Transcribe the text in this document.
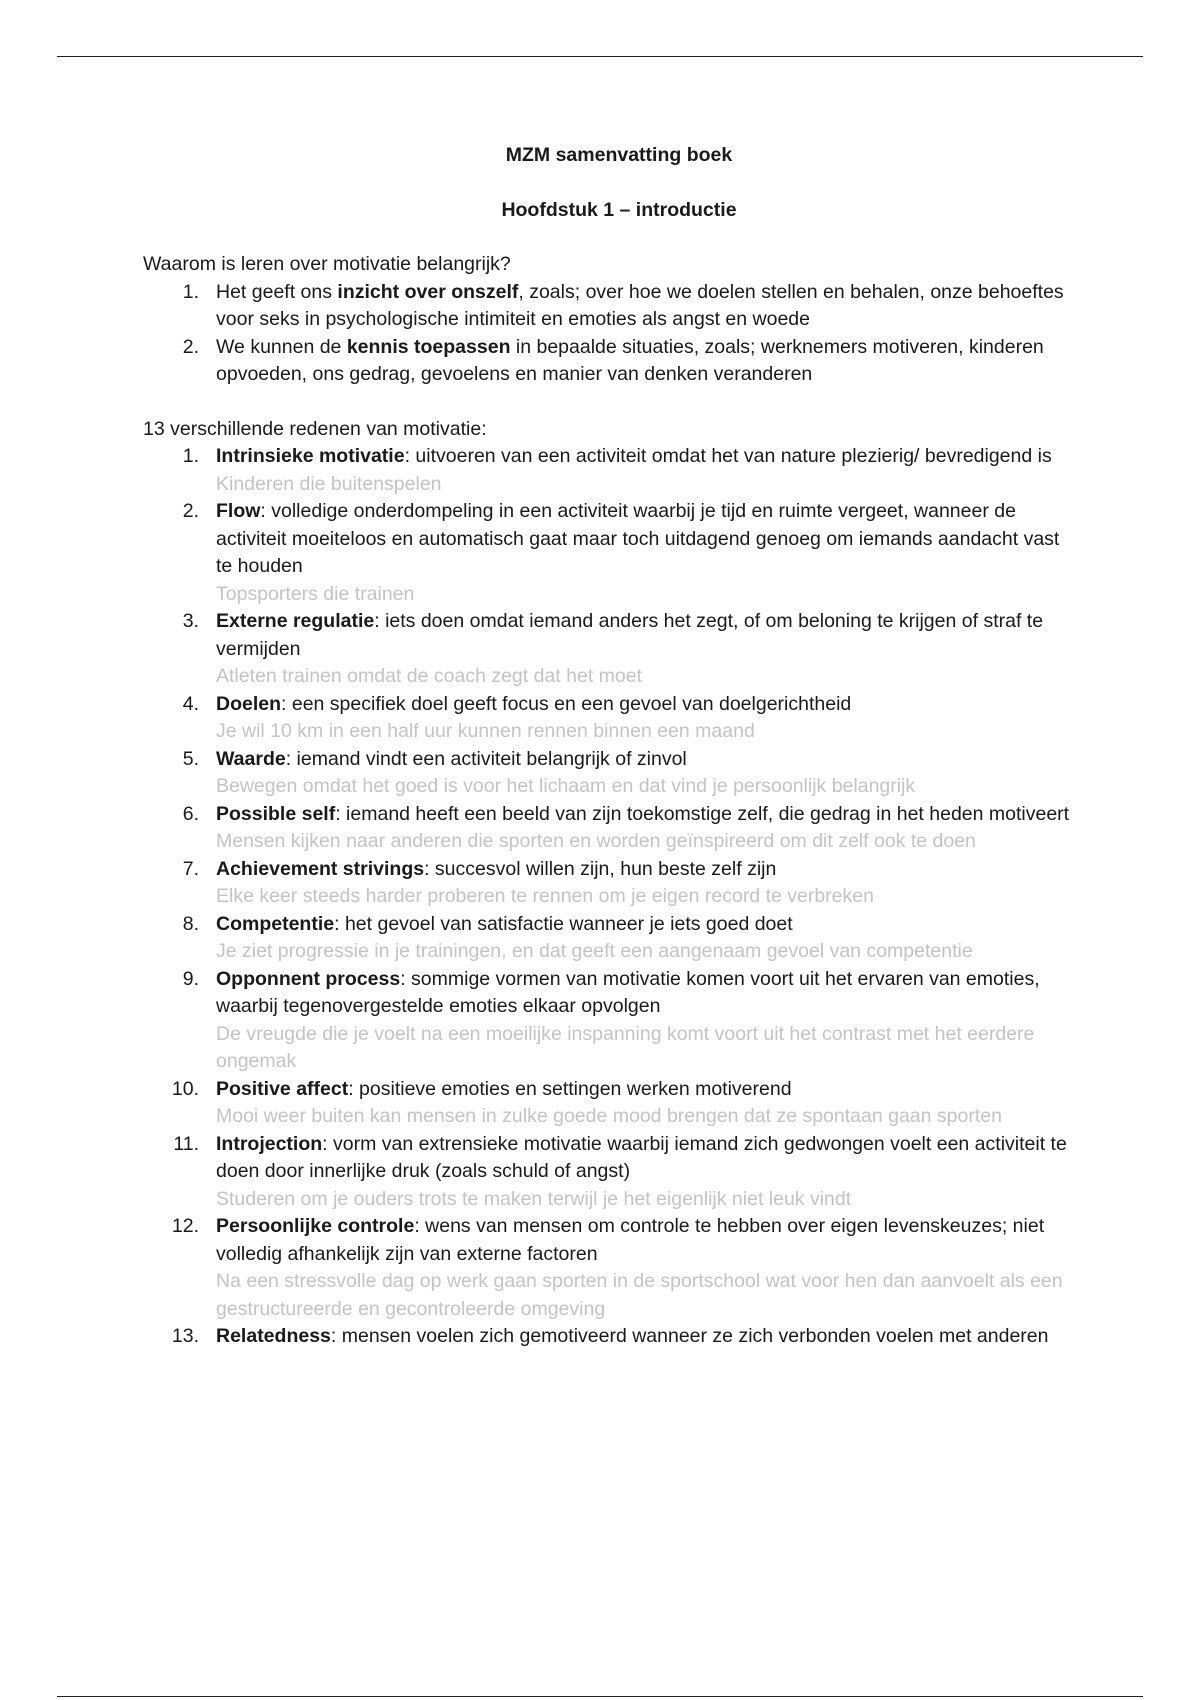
MZM samenvatting boek
Hoofdstuk 1 – introductie

Waarom is leren over motivatie belangrijk?

1. Het geeft ons inzicht over onszelf, zoals; over hoe we doelen stellen en behalen, onze behoeftes voor seks in psychologische intimiteit en emoties als angst en woede
2. We kunnen de kennis toepassen in bepaalde situaties, zoals; werknemers motiveren, kinderen opvoeden, ons gedrag, gevoelens en manier van denken veranderen

13 verschillende redenen van motivatie:

1. Intrinsieke motivatie: uitvoeren van een activiteit omdat het van nature plezierig/ bevredigend is
Kinderen die buitenspelen
2. Flow: volledige onderdompeling in een activiteit waarbij je tijd en ruimte vergeet, wanneer de activiteit moeiteloos en automatisch gaat maar toch uitdagend genoeg om iemands aandacht vast te houden
Topsporters die trainen
3. Externe regulatie: iets doen omdat iemand anders het zegt, of om beloning te krijgen of straf te vermijden
Atleten trainen omdat de coach zegt dat het moet
4. Doelen: een specifiek doel geeft focus en een gevoel van doelgerichtheid
Je wil 10 km in een half uur kunnen rennen binnen een maand
5. Waarde: iemand vindt een activiteit belangrijk of zinvol
Bewegen omdat het goed is voor het lichaam en dat vind je persoonlijk belangrijk
6. Possible self: iemand heeft een beeld van zijn toekomstige zelf, die gedrag in het heden motiveert
Mensen kijken naar anderen die sporten en worden geïnspireerd om dit zelf ook te doen
7. Achievement strivings: succesvol willen zijn, hun beste zelf zijn
Elke keer steeds harder proberen te rennen om je eigen record te verbreken
8. Competentie: het gevoel van satisfactie wanneer je iets goed doet
Je ziet progressie in je trainingen, en dat geeft een aangenaam gevoel van competentie
9. Opponnent process: sommige vormen van motivatie komen voort uit het ervaren van emoties, waarbij tegenovergestelde emoties elkaar opvolgen
De vreugde die je voelt na een moeilijke inspanning komt voort uit het contrast met het eerdere ongemak
10. Positive affect: positieve emoties en settingen werken motiverend
Mooi weer buiten kan mensen in zulke goede mood brengen dat ze spontaan gaan sporten
11. Introjection: vorm van extrensieke motivatie waarbij iemand zich gedwongen voelt een activiteit te doen door innerlijke druk (zoals schuld of angst)
Studeren om je ouders trots te maken terwijl je het eigenlijk niet leuk vindt
12. Persoonlijke controle: wens van mensen om controle te hebben over eigen levenskeuzes; niet volledig afhankelijk zijn van externe factoren
Na een stressvolle dag op werk gaan sporten in de sportschool wat voor hen dan aanvoelt als een gestructureerde en gecontroleerde omgeving
13. Relatedness: mensen voelen zich gemotiveerd wanneer ze zich verbonden voelen met anderen
